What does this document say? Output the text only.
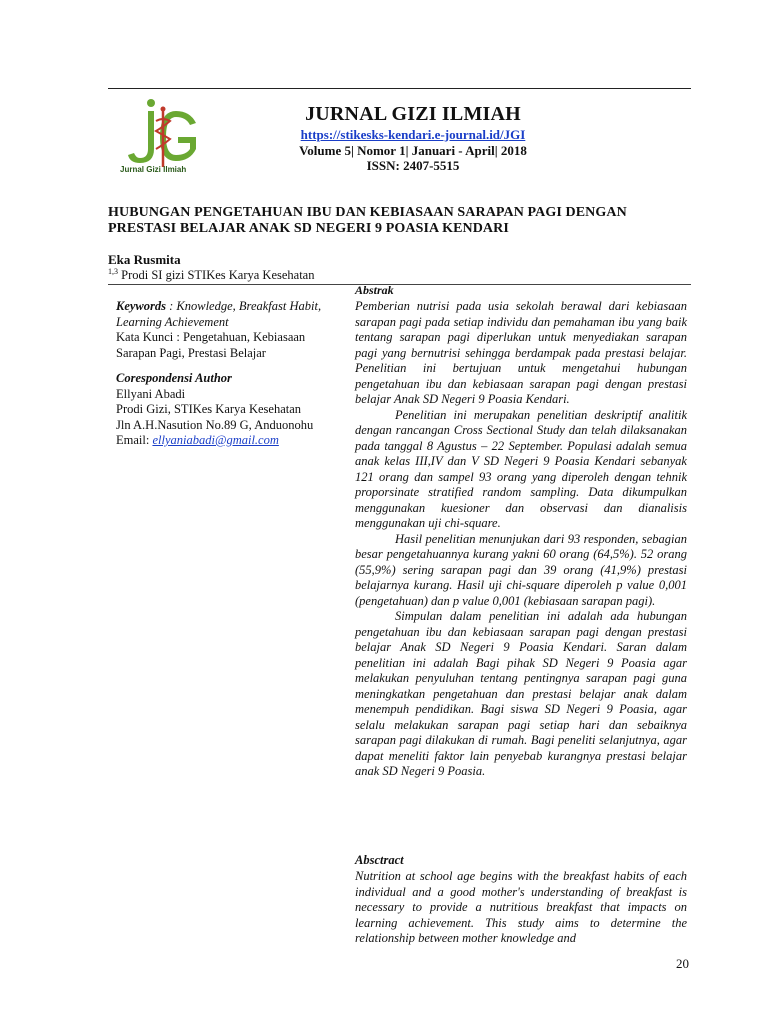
Jurnal Gizi Ilmiah
JURNAL GIZI ILMIAH
https://stikesks-kendari.e-journal.id/JGI
Volume 5| Nomor 1| Januari - April| 2018
ISSN: 2407-5515
HUBUNGAN PENGETAHUAN IBU DAN KEBIASAAN SARAPAN PAGI DENGAN PRESTASI BELAJAR ANAK SD NEGERI 9 POASIA KENDARI
Eka Rusmita
$^{1,3}$ Prodi SI gizi STIKes Karya Kesehatan
Abstrak
Keywords : Knowledge, Breakfast Habit, Learning Achievement
Kata Kunci : Pengetahuan, Kebiasaan Sarapan Pagi, Prestasi Belajar
Corespondensi Author
Ellyani Abadi
Prodi Gizi, STIKes Karya Kesehatan
Jln A.H.Nasution No.89 G, Anduonohu
Email: ellyaniabadi@gmail.com

Pemberian nutrisi pada usia sekolah berawal dari kebiasaan sarapan pagi pada setiap individu dan pemahaman ibu yang baik tentang sarapan pagi diperlukan untuk menyediakan sarapan pagi yang bernutrisi sehingga berdampak pada prestasi belajar. Penelitian ini bertujuan untuk mengetahui hubungan pengetahuan ibu dan kebiasaan sarapan pagi dengan prestasi belajar Anak SD Negeri 9 Poasia Kendari.

Penelitian ini merupakan penelitian deskriptif analitik dengan rancangan Cross Sectional Study dan telah dilaksanakan pada tanggal 8 Agustus – 22 September. Populasi adalah semua anak kelas III,IV dan V SD Negeri 9 Poasia Kendari sebanyak 121 orang dan sampel 93 orang yang diperoleh dengan tehnik proporsinate stratified random sampling. Data dikumpulkan menggunakan kuesioner dan observasi dan dianalisis menggunakan uji chi-square.

Hasil penelitian menunjukan dari 93 responden, sebagian besar pengetahuannya kurang yakni 60 orang (64,5%). 52 orang (55,9%) sering sarapan pagi dan 39 orang (41,9%) prestasi belajarnya kurang. Hasil uji chi-square diperoleh p value 0,001 (pengetahuan) dan p value 0,001 (kebiasaan sarapan pagi).

Simpulan dalam penelitian ini adalah ada hubungan pengetahuan ibu dan kebiasaan sarapan pagi dengan prestasi belajar Anak SD Negeri 9 Poasia Kendari. Saran dalam penelitian ini adalah Bagi pihak SD Negeri 9 Poasia agar melakukan penyuluhan tentang pentingnya sarapan pagi guna meningkatkan pengetahuan dan prestasi belajar anak dalam menempuh pendidikan. Bagi siswa SD Negeri 9 Poasia, agar selalu melakukan sarapan pagi setiap hari dan sebaiknya sarapan pagi dilakukan di rumah. Bagi peneliti selanjutnya, agar dapat meneliti faktor lain penyebab kurangnya prestasi belajar anak SD Negeri 9 Poasia.

Absctract
Nutrition at school age begins with the breakfast habits of each individual and a good mother's understanding of breakfast is necessary to provide a nutritious breakfast that impacts on learning achievement. This study aims to determine the relationship between mother knowledge and
20
